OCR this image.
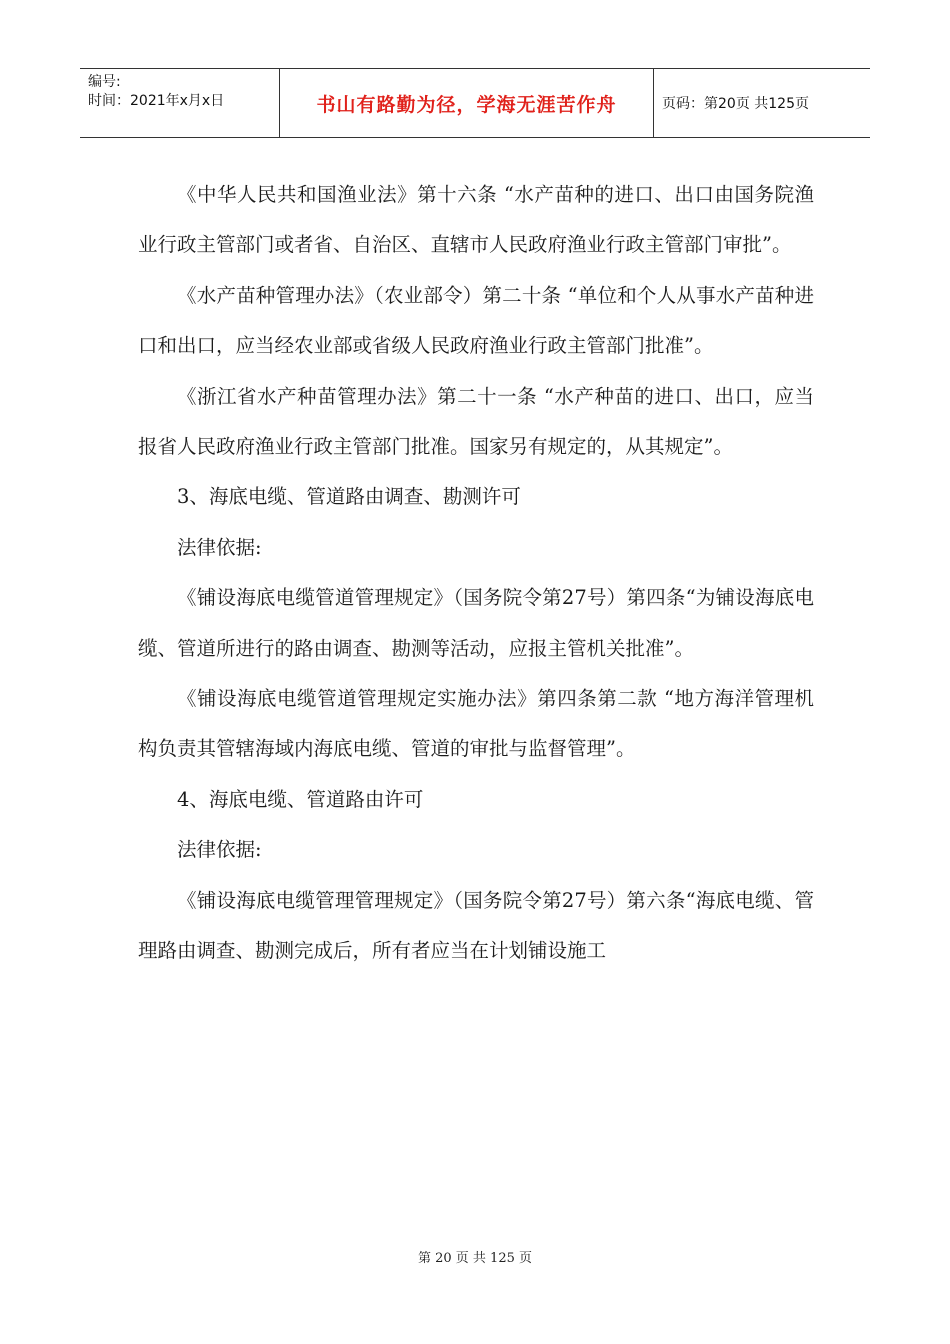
编号:
时间：2021年x月x日	书山有路勤为径，学海无涯苦作舟	页码：第20页 共125页

《中华人民共和国渔业法》第十六条 “水产苗种的进口、出口由国务院渔业行政主管部门或者省、自治区、直辖市人民政府渔业行政主管部门审批”。

《水产苗种管理办法》（农业部令）第二十条 “单位和个人从事水产苗种进口和出口，应当经农业部或省级人民政府渔业行政主管部门批准”。

《浙江省水产种苗管理办法》第二十一条 “水产种苗的进口、出口，应当报省人民政府渔业行政主管部门批准。国家另有规定的，从其规定”。

3、海底电缆、管道路由调查、勘测许可

法律依据:

《铺设海底电缆管道管理规定》（国务院令第27号）第四条“为铺设海底电缆、管道所进行的路由调查、勘测等活动，应报主管机关批准”。

《铺设海底电缆管道管理规定实施办法》第四条第二款 “地方海洋管理机构负责其管辖海域内海底电缆、管道的审批与监督管理”。

4、海底电缆、管道路由许可

法律依据:

《铺设海底电缆管理管理规定》（国务院令第27号）第六条“海底电缆、管理路由调查、勘测完成后，所有者应当在计划铺设施工

第 20 页 共 125 页
